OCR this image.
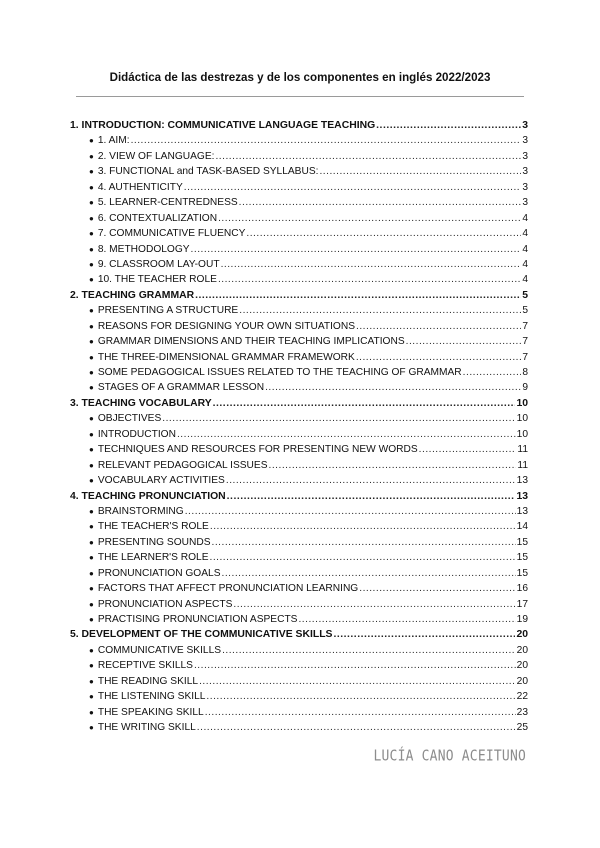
Didáctica de las destrezas y de los componentes en inglés 2022/2023
1. INTRODUCTION: COMMUNICATIVE LANGUAGE TEACHING .....	3
● 1. AIM: .....	3
● 2. VIEW OF LANGUAGE: .....	3
● 3. FUNCTIONAL and TASK-BASED SYLLABUS: .....	3
● 4. AUTHENTICITY .....	3
● 5. LEARNER-CENTREDNESS .....	3
● 6. CONTEXTUALIZATION .....	4
● 7. COMMUNICATIVE FLUENCY .....	4
● 8. METHODOLOGY .....	4
● 9. CLASSROOM LAY-OUT .....	4
● 10. THE TEACHER ROLE .....	4
2. TEACHING GRAMMAR .....	5
● PRESENTING A STRUCTURE .....	5
● REASONS FOR DESIGNING YOUR OWN SITUATIONS .....	7
● GRAMMAR DIMENSIONS AND THEIR TEACHING IMPLICATIONS .....	7
● THE THREE-DIMENSIONAL GRAMMAR FRAMEWORK .....	7
● SOME PEDAGOGICAL ISSUES RELATED TO THE TEACHING OF GRAMMAR .....	8
● STAGES OF A GRAMMAR LESSON .....	9
3. TEACHING VOCABULARY .....	10
● OBJECTIVES .....	10
● INTRODUCTION .....	10
● TECHNIQUES AND RESOURCES FOR PRESENTING NEW WORDS .....	11
● RELEVANT PEDAGOGICAL ISSUES .....	11
● VOCABULARY ACTIVITIES .....	13
4. TEACHING PRONUNCIATION .....	13
● BRAINSTORMING .....	13
● THE TEACHER'S ROLE .....	14
● PRESENTING SOUNDS .....	15
● THE LEARNER'S ROLE .....	15
● PRONUNCIATION GOALS .....	15
● FACTORS THAT AFFECT PRONUNCIATION LEARNING .....	16
● PRONUNCIATION ASPECTS .....	17
● PRACTISING PRONUNCIATION ASPECTS .....	19
5. DEVELOPMENT OF THE COMMUNICATIVE SKILLS .....	20
● COMMUNICATIVE SKILLS .....	20
● RECEPTIVE SKILLS .....	20
● THE READING SKILL .....	20
● THE LISTENING SKILL .....	22
● THE SPEAKING SKILL .....	23
● THE WRITING SKILL .....	25
LUCÍA CANO ACEITUNO
